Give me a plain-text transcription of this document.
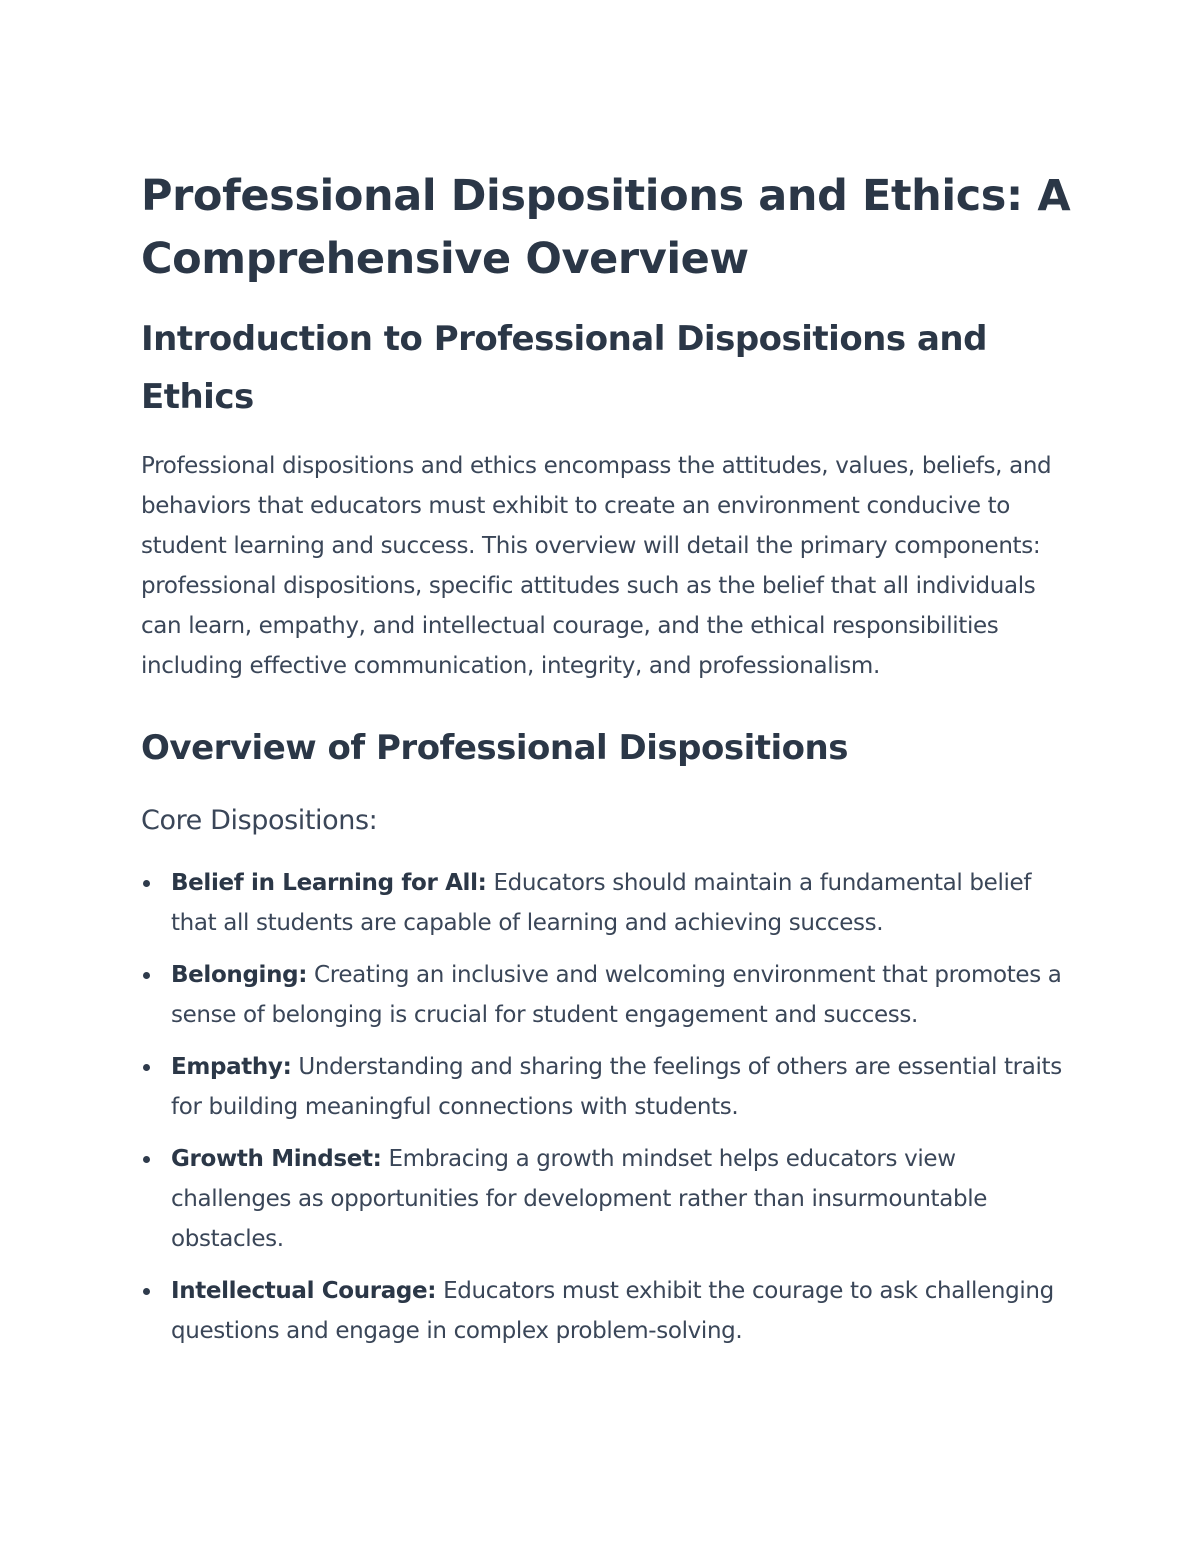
Professional Dispositions and Ethics: A Comprehensive Overview
Introduction to Professional Dispositions and Ethics

Professional dispositions and ethics encompass the attitudes, values, beliefs, and behaviors that educators must exhibit to create an environment conducive to student learning and success. This overview will detail the primary components: professional dispositions, specific attitudes such as the belief that all individuals can learn, empathy, and intellectual courage, and the ethical responsibilities including effective communication, integrity, and professionalism.

Overview of Professional Dispositions
Core Dispositions:
Belief in Learning for All: Educators should maintain a fundamental belief that all students are capable of learning and achieving success.
Belonging: Creating an inclusive and welcoming environment that promotes a sense of belonging is crucial for student engagement and success.
Empathy: Understanding and sharing the feelings of others are essential traits for building meaningful connections with students.
Growth Mindset: Embracing a growth mindset helps educators view challenges as opportunities for development rather than insurmountable obstacles.
Intellectual Courage: Educators must exhibit the courage to ask challenging questions and engage in complex problem-solving.
